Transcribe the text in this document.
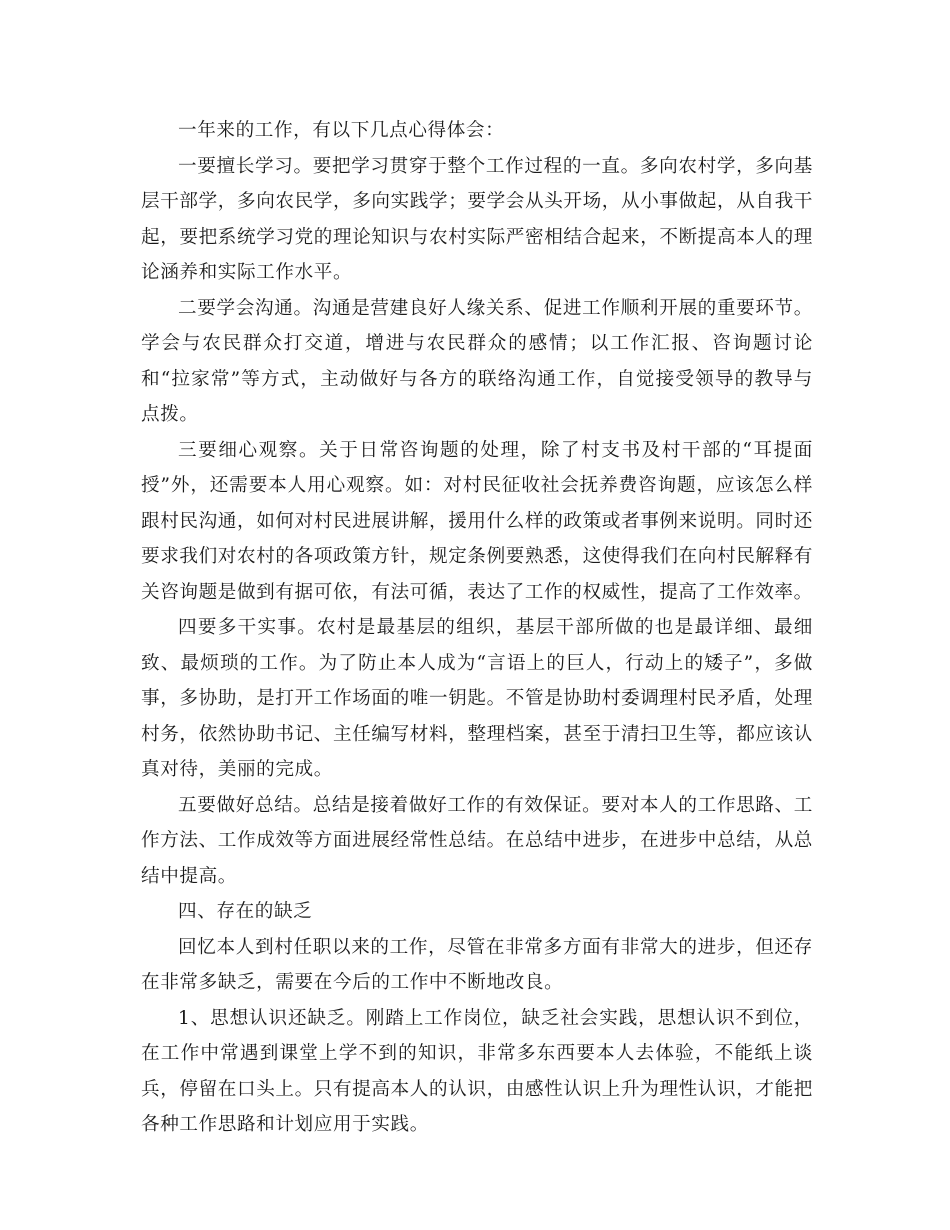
一年来的工作，有以下几点心得体会：

一要擅长学习。要把学习贯穿于整个工作过程的一直。多向农村学，多向基层干部学，多向农民学，多向实践学；要学会从头开场，从小事做起，从自我干起，要把系统学习党的理论知识与农村实际严密相结合起来，不断提高本人的理论涵养和实际工作水平。

二要学会沟通。沟通是营建良好人缘关系、促进工作顺利开展的重要环节。学会与农民群众打交道，增进与农民群众的感情；以工作汇报、咨询题讨论和“拉家常”等方式，主动做好与各方的联络沟通工作，自觉接受领导的教导与点拨。

三要细心观察。关于日常咨询题的处理，除了村支书及村干部的“耳提面授”外，还需要本人用心观察。如：对村民征收社会抚养费咨询题，应该怎么样跟村民沟通，如何对村民进展讲解，援用什么样的政策或者事例来说明。同时还要求我们对农村的各项政策方针，规定条例要熟悉，这使得我们在向村民解释有关咨询题是做到有据可依，有法可循，表达了工作的权威性，提高了工作效率。

四要多干实事。农村是最基层的组织，基层干部所做的也是最详细、最细致、最烦琐的工作。为了防止本人成为“言语上的巨人，行动上的矮子”，多做事，多协助，是打开工作场面的唯一钥匙。不管是协助村委调理村民矛盾，处理村务，依然协助书记、主任编写材料，整理档案，甚至于清扫卫生等，都应该认真对待，美丽的完成。

五要做好总结。总结是接着做好工作的有效保证。要对本人的工作思路、工作方法、工作成效等方面进展经常性总结。在总结中进步，在进步中总结，从总结中提高。

四、存在的缺乏

回忆本人到村任职以来的工作，尽管在非常多方面有非常大的进步，但还存在非常多缺乏，需要在今后的工作中不断地改良。

1、思想认识还缺乏。刚踏上工作岗位，缺乏社会实践，思想认识不到位，在工作中常遇到课堂上学不到的知识，非常多东西要本人去体验，不能纸上谈兵，停留在口头上。只有提高本人的认识，由感性认识上升为理性认识，才能把各种工作思路和计划应用于实践。
